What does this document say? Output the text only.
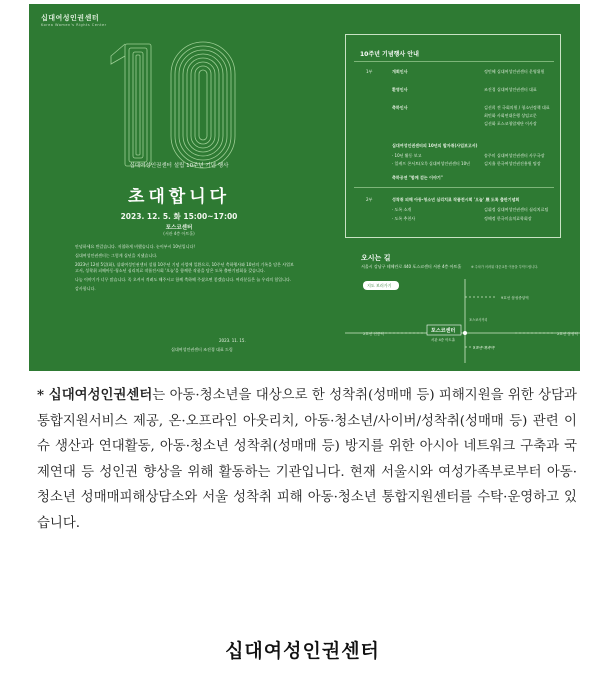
십대여성인권센터
Korea Women's Rights Center
십대여성인권센터 설립 10주년 기념 행사
초대합니다
2023. 12. 5. 화 15:00~17:00
포스코센터
(서관 4층 아트홀)

안녕하세요 반갑습니다. 저철하게 비했습니다. 눈이부시 10년입니다!

십대여성인권센터는 그렇게 십년을 지냈습니다.

2023년 12월 5일(화), 십대여성인권센터 설립 10주년 기념 사업에 일환으로, 10주년 축하행사와 10년의 기록을 담은 사업보고서, 성착취 피해아동·청소년 심리치료 작품전시회 '오늘'을 함께한 작품을 담은 도록 출판기념회를 갖습니다.

나눔 이야기가 너무 많습니다. 꼭 오셔서 격려도 해주시고 함께 축하해 주셨으면 좋겠습니다. 여러분들은 늘 우리의 힘입니다.

감사합니다.

2023. 11. 15.
십대여성인권센터 조진경 대표 드림
10주년 기념행사 안내
1부	개회인사	정민혜 십대여성인권센터 운영위원
환영인사	조진경 십대여성인권센터 대표
축하인사	김선희 전 국회의원 / 청소년정책 대표
최민화 사회연대은행 상임고문
김선화 포스코청암재단 이사장
십대여성인권센터의 10년의 발자취(사업보고서)
· 10년 활동 보고	송주미 십대여성인권센터 사무국장
· 일케프 콘서트(오!) 십대여성인권센터 10년	김지율 한국여성인권진흥원 팀장
축하공연 "함께 걷는 이야기"
2부	성착취 피해 아동·청소년 심리치료 작품전시회 '오늘' 展 도록 출판기념회
· 도록 소개	김휘정 십대여성인권센터 심리치료팀
· 도록 추천사	정해정 한국미술치료학회장
오시는 길
서울시 강남구 테헤란로 440 포스코센터 서관 4층 아트홀	※ 주차가 어려워 대중교통 이용을 부탁드립니다.
지도 보러가기
포스코센터
서관 4층 아트홀
9호선 삼성중앙역
포스코사거리
2호선 선릉역	2호선 삼성역
2호선 대치역

* 십대여성인권센터는 아동·청소년을 대상으로 한 성착취(성매매 등) 피해지원을 위한 상담과 통합지원서비스 제공, 온·오프라인 아웃리치, 아동·청소년/사이버/성착취(성매매 등) 관련 이슈 생산과 연대활동, 아동·청소년 성착취(성매매 등) 방지를 위한 아시아 네트워크 구축과 국제연대 등 성인권 향상을 위해 활동하는 기관입니다. 현재 서울시와 여성가족부로부터 아동·청소년 성매매피해상담소와 서울 성착취 피해 아동·청소년 통합지원센터를 수탁·운영하고 있습니다.

십대여성인권센터
